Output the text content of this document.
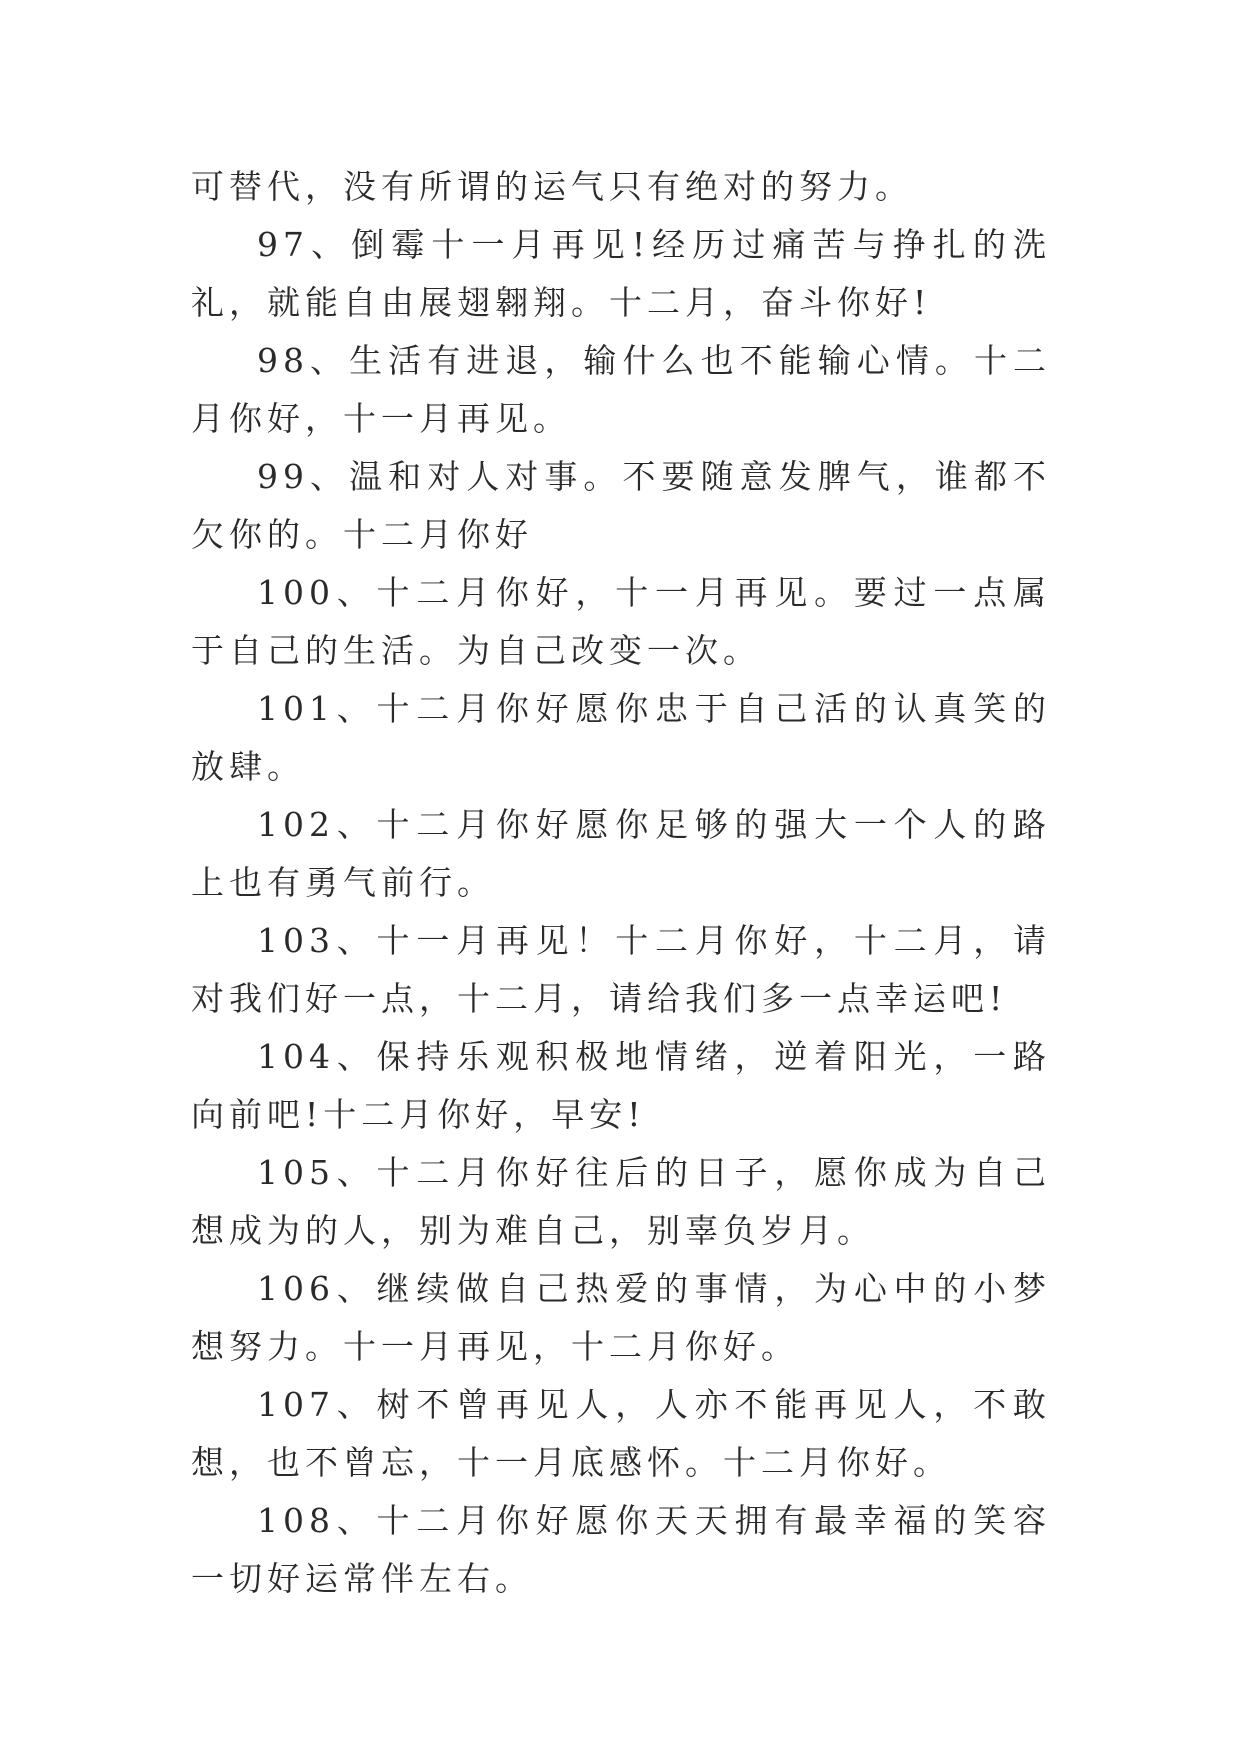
可替代，没有所谓的运气只有绝对的努力。

97、倒霉十一月再见!经历过痛苦与挣扎的洗礼，就能自由展翅翱翔。十二月，奋斗你好!

98、生活有进退，输什么也不能输心情。十二月你好，十一月再见。

99、温和对人对事。不要随意发脾气，谁都不欠你的。十二月你好

100、十二月你好，十一月再见。要过一点属于自己的生活。为自己改变一次。

101、十二月你好愿你忠于自己活的认真笑的放肆。

102、十二月你好愿你足够的强大一个人的路上也有勇气前行。

103、十一月再见！十二月你好，十二月，请对我们好一点，十二月，请给我们多一点幸运吧!

104、保持乐观积极地情绪，逆着阳光，一路向前吧!十二月你好，早安!

105、十二月你好往后的日子，愿你成为自己想成为的人，别为难自己，别辜负岁月。

106、继续做自己热爱的事情，为心中的小梦想努力。十一月再见，十二月你好。

107、树不曾再见人，人亦不能再见人，不敢想，也不曾忘，十一月底感怀。十二月你好。

108、十二月你好愿你天天拥有最幸福的笑容一切好运常伴左右。
